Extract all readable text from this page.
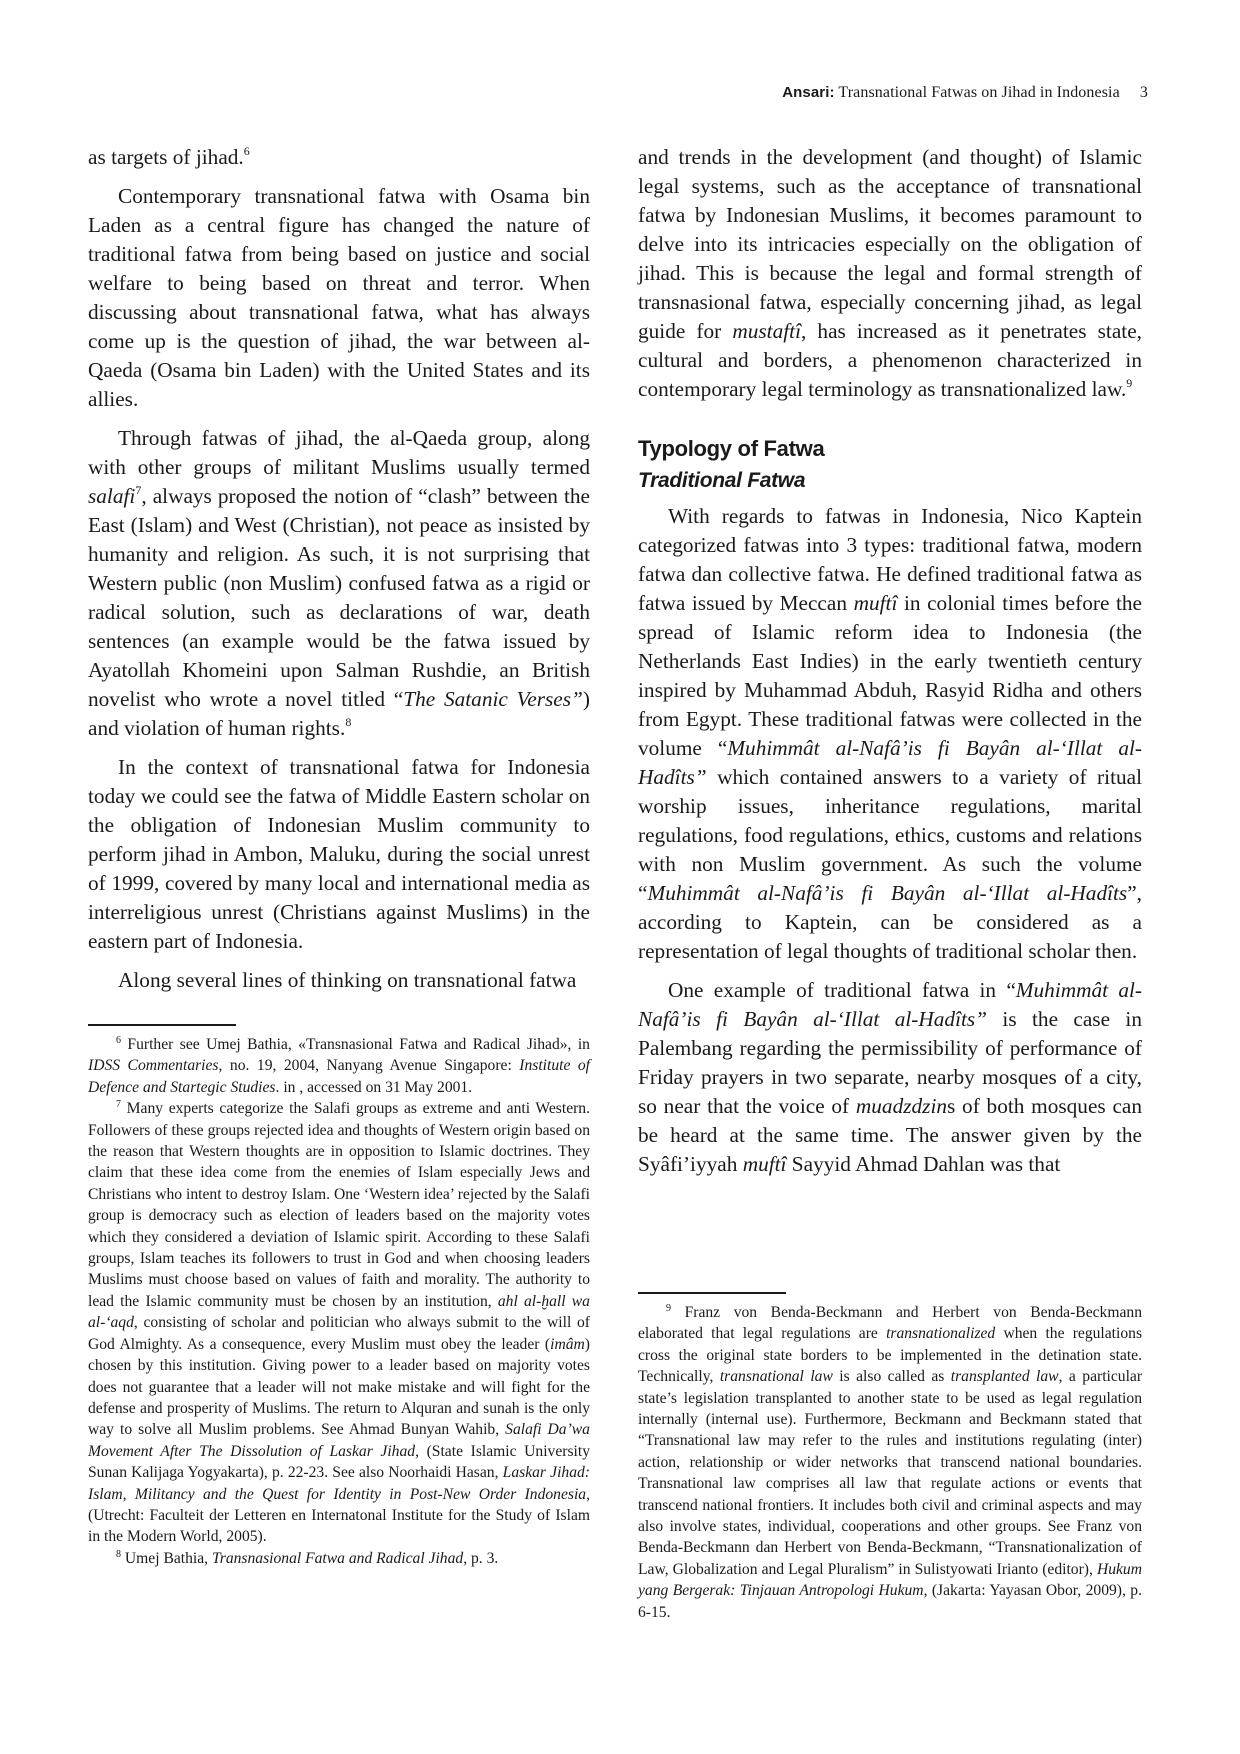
Ansari: Transnational Fatwas on Jihad in Indonesia 3

as targets of jihad.$^6$

Contemporary transnational fatwa with Osama bin Laden as a central figure has changed the nature of traditional fatwa from being based on justice and social welfare to being based on threat and terror. When discussing about transnational fatwa, what has always come up is the question of jihad, the war between al-Qaeda (Osama bin Laden) with the United States and its allies.

Through fatwas of jihad, the al-Qaeda group, along with other groups of militant Muslims usually termed salafi$^7$, always proposed the notion of “clash” between the East (Islam) and West (Christian), not peace as insisted by humanity and religion. As such, it is not surprising that Western public (non Muslim) confused fatwa as a rigid or radical solution, such as declarations of war, death sentences (an example would be the fatwa issued by Ayatollah Khomeini upon Salman Rushdie, an British novelist who wrote a novel titled “The Satanic Verses”) and violation of human rights.$^8$

In the context of transnational fatwa for Indonesia today we could see the fatwa of Middle Eastern scholar on the obligation of Indonesian Muslim community to perform jihad in Ambon, Maluku, during the social unrest of 1999, covered by many local and international media as interreligious unrest (Christians against Muslims) in the eastern part of Indonesia.

Along several lines of thinking on transnational fatwa

$^6$ Further see Umej Bathia, «Transnasional Fatwa and Radical Jihad», in IDSS Commentaries, no. 19, 2004, Nanyang Avenue Singapore: Institute of Defence and Startegic Studies. in , accessed on 31 May 2001.

$^7$ Many experts categorize the Salafi groups as extreme and anti Western. Followers of these groups rejected idea and thoughts of Western origin based on the reason that Western thoughts are in opposition to Islamic doctrines. They claim that these idea come from the enemies of Islam especially Jews and Christians who intent to destroy Islam. One ‘Western idea’ rejected by the Salafi group is democracy such as election of leaders based on the majority votes which they considered a deviation of Islamic spirit. According to these Salafi groups, Islam teaches its followers to trust in God and when choosing leaders Muslims must choose based on values of faith and morality. The authority to lead the Islamic community must be chosen by an institution, ahl al-ḫall wa al-‘aqd, consisting of scholar and politician who always submit to the will of God Almighty. As a consequence, every Muslim must obey the leader (imâm) chosen by this institution. Giving power to a leader based on majority votes does not guarantee that a leader will not make mistake and will fight for the defense and prosperity of Muslims. The return to Alquran and sunah is the only way to solve all Muslim problems. See Ahmad Bunyan Wahib, Salafi Da’wa Movement After The Dissolution of Laskar Jihad, (State Islamic University Sunan Kalijaga Yogyakarta), p. 22-23. See also Noorhaidi Hasan, Laskar Jihad: Islam, Militancy and the Quest for Identity in Post-New Order Indonesia, (Utrecht: Faculteit der Letteren en Internatonal Institute for the Study of Islam in the Modern World, 2005).

$^8$ Umej Bathia, Transnasional Fatwa and Radical Jihad, p. 3.

and trends in the development (and thought) of Islamic legal systems, such as the acceptance of transnational fatwa by Indonesian Muslims, it becomes paramount to delve into its intricacies especially on the obligation of jihad. This is because the legal and formal strength of transnasional fatwa, especially concerning jihad, as legal guide for mustaftî, has increased as it penetrates state, cultural and borders, a phenomenon characterized in contemporary legal terminology as transnationalized law.$^9$

Typology of Fatwa
Traditional Fatwa

With regards to fatwas in Indonesia, Nico Kaptein categorized fatwas into 3 types: traditional fatwa, modern fatwa dan collective fatwa. He defined traditional fatwa as fatwa issued by Meccan muftî in colonial times before the spread of Islamic reform idea to Indonesia (the Netherlands East Indies) in the early twentieth century inspired by Muhammad Abduh, Rasyid Ridha and others from Egypt. These traditional fatwas were collected in the volume “Muhimmât al-Nafâ’is fi Bayân al-‘Illat al-Hadîts” which contained answers to a variety of ritual worship issues, inheritance regulations, marital regulations, food regulations, ethics, customs and relations with non Muslim government. As such the volume “Muhimmât al-Nafâ’is fi Bayân al-‘Illat al-Hadîts”, according to Kaptein, can be considered as a representation of legal thoughts of traditional scholar then.

One example of traditional fatwa in “Muhimmât al-Nafâ’is fi Bayân al-‘Illat al-Hadîts” is the case in Palembang regarding the permissibility of performance of Friday prayers in two separate, nearby mosques of a city, so near that the voice of muadzdzins of both mosques can be heard at the same time. The answer given by the Syâfi’iyyah muftî Sayyid Ahmad Dahlan was that

$^9$ Franz von Benda-Beckmann and Herbert von Benda-Beckmann elaborated that legal regulations are transnationalized when the regulations cross the original state borders to be implemented in the detination state. Technically, transnational law is also called as transplanted law, a particular state’s legislation transplanted to another state to be used as legal regulation internally (internal use). Furthermore, Beckmann and Beckmann stated that “Transnational law may refer to the rules and institutions regulating (inter) action, relationship or wider networks that transcend national boundaries. Transnational law comprises all law that regulate actions or events that transcend national frontiers. It includes both civil and criminal aspects and may also involve states, individual, cooperations and other groups. See Franz von Benda-Beckmann dan Herbert von Benda-Beckmann, “Transnationalization of Law, Globalization and Legal Pluralism” in Sulistyowati Irianto (editor), Hukum yang Bergerak: Tinjauan Antropologi Hukum, (Jakarta: Yayasan Obor, 2009), p. 6-15.
